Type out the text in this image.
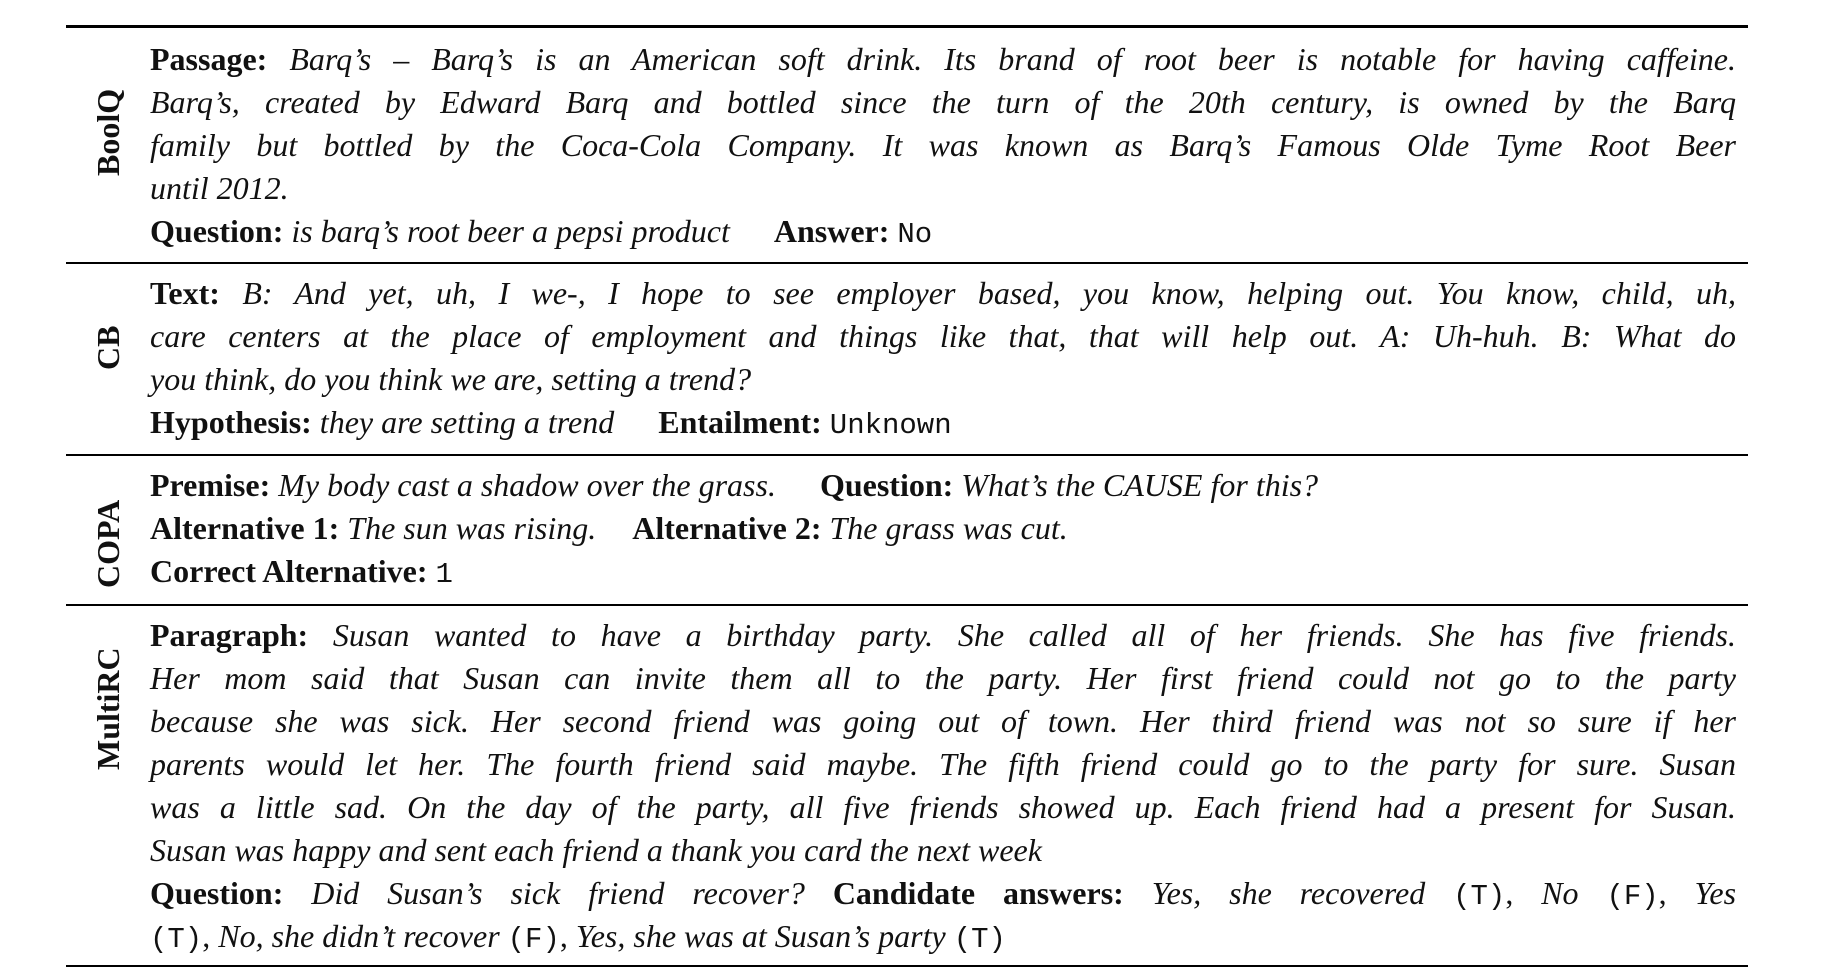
BoolQ
Passage: Barq’s – Barq’s is an American soft drink. Its brand of root beer is notable for having caffeine.
Barq’s, created by Edward Barq and bottled since the turn of the 20th century, is owned by the Barq
family but bottled by the Coca-Cola Company. It was known as Barq’s Famous Olde Tyme Root Beer
until 2012.
Question: is barq’s root beer a pepsi product Answer: No
CB
Text: B: And yet, uh, I we-, I hope to see employer based, you know, helping out. You know, child, uh,
care centers at the place of employment and things like that, that will help out. A: Uh-huh. B: What do
you think, do you think we are, setting a trend?
Hypothesis: they are setting a trend Entailment: Unknown
COPA
Premise: My body cast a shadow over the grass. Question: What’s the CAUSE for this?
Alternative 1: The sun was rising. Alternative 2: The grass was cut.
Correct Alternative: 1
MultiRC
Paragraph: Susan wanted to have a birthday party. She called all of her friends. She has five friends.
Her mom said that Susan can invite them all to the party. Her first friend could not go to the party
because she was sick. Her second friend was going out of town. Her third friend was not so sure if her
parents would let her. The fourth friend said maybe. The fifth friend could go to the party for sure. Susan
was a little sad. On the day of the party, all five friends showed up. Each friend had a present for Susan.
Susan was happy and sent each friend a thank you card the next week
Question: Did Susan’s sick friend recover? Candidate answers: Yes, she recovered (T), No (F), Yes
(T), No, she didn’t recover (F), Yes, she was at Susan’s party (T)
